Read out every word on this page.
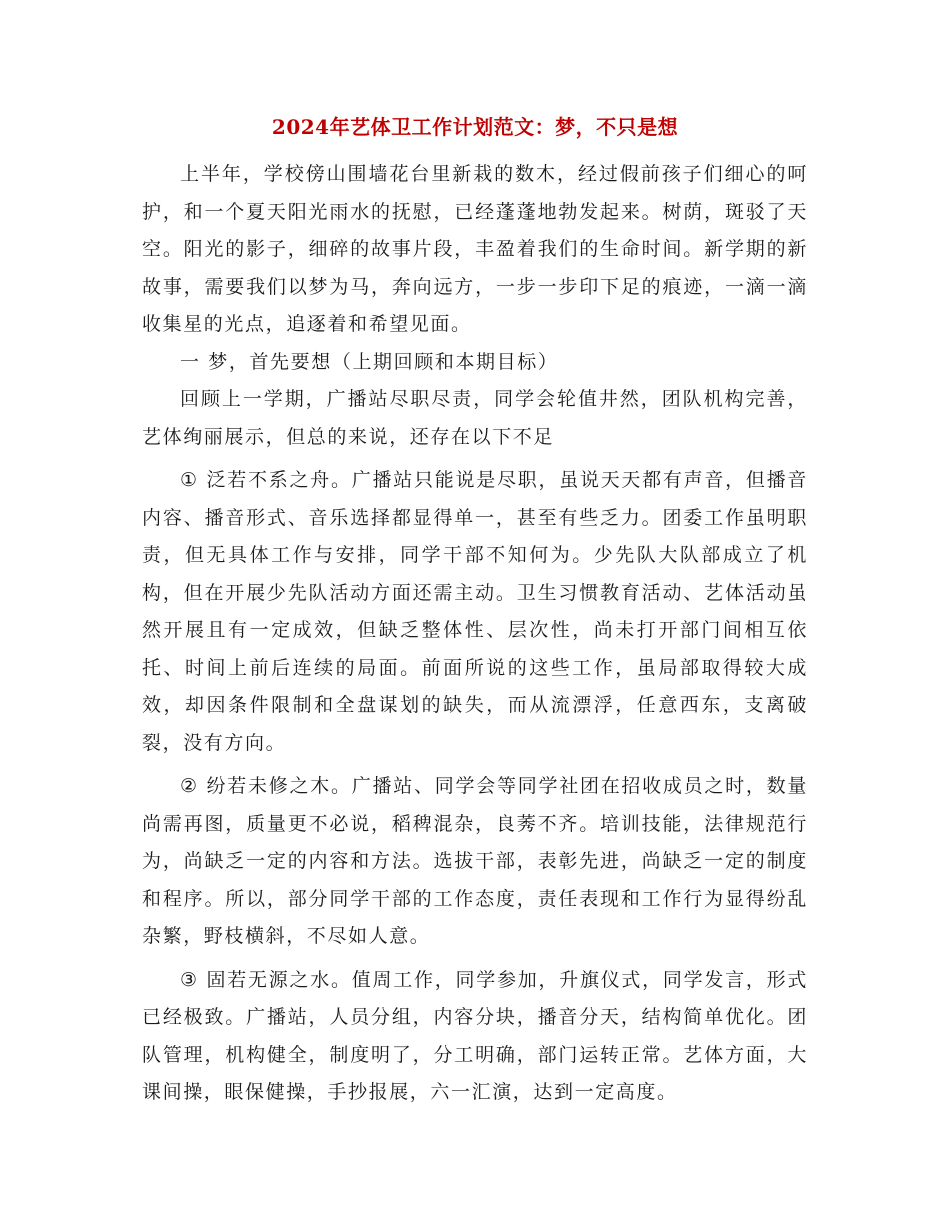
2024年艺体卫工作计划范文：梦，不只是想

上半年，学校傍山围墙花台里新栽的数木，经过假前孩子们细心的呵护，和一个夏天阳光雨水的抚慰，已经蓬蓬地勃发起来。树荫，斑驳了天空。阳光的影子，细碎的故事片段，丰盈着我们的生命时间。新学期的新故事，需要我们以梦为马，奔向远方，一步一步印下足的痕迹，一滴一滴收集星的光点，追逐着和希望见面。

一 梦，首先要想（上期回顾和本期目标）

回顾上一学期，广播站尽职尽责，同学会轮值井然，团队机构完善，艺体绚丽展示，但总的来说，还存在以下不足

① 泛若不系之舟。广播站只能说是尽职，虽说天天都有声音，但播音内容、播音形式、音乐选择都显得单一，甚至有些乏力。团委工作虽明职责，但无具体工作与安排，同学干部不知何为。少先队大队部成立了机构，但在开展少先队活动方面还需主动。卫生习惯教育活动、艺体活动虽然开展且有一定成效，但缺乏整体性、层次性，尚未打开部门间相互依托、时间上前后连续的局面。前面所说的这些工作，虽局部取得较大成效，却因条件限制和全盘谋划的缺失，而从流漂浮，任意西东，支离破裂，没有方向。

② 纷若未修之木。广播站、同学会等同学社团在招收成员之时，数量尚需再图，质量更不必说，稻稗混杂，良莠不齐。培训技能，法律规范行为，尚缺乏一定的内容和方法。选拔干部，表彰先进，尚缺乏一定的制度和程序。所以，部分同学干部的工作态度，责任表现和工作行为显得纷乱杂繁，野枝横斜，不尽如人意。

③ 固若无源之水。值周工作，同学参加，升旗仪式，同学发言，形式已经极致。广播站，人员分组，内容分块，播音分天，结构简单优化。团队管理，机构健全，制度明了，分工明确，部门运转正常。艺体方面，大课间操，眼保健操，手抄报展，六一汇演，达到一定高度。
